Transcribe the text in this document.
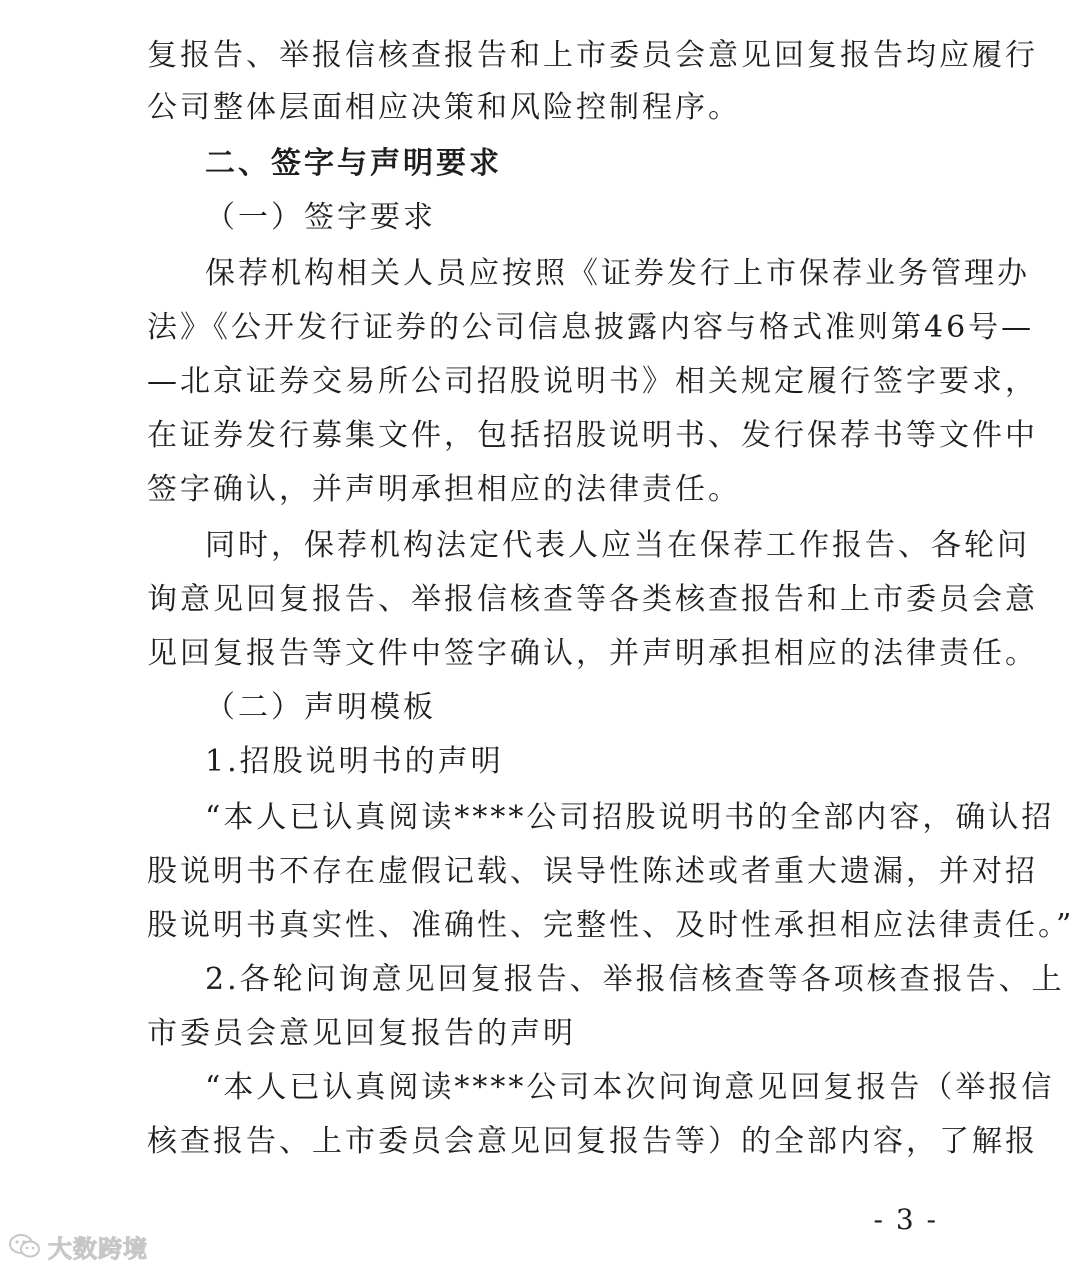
复报告、举报信核查报告和上市委员会意见回复报告均应履行
公司整体层面相应决策和风险控制程序。
二、签字与声明要求
（一）签字要求
保荐机构相关人员应按照《证券发行上市保荐业务管理办
法》《公开发行证券的公司信息披露内容与格式准则第46号—
—北京证券交易所公司招股说明书》相关规定履行签字要求，
在证券发行募集文件，包括招股说明书、发行保荐书等文件中
签字确认，并声明承担相应的法律责任。
同时，保荐机构法定代表人应当在保荐工作报告、各轮问
询意见回复报告、举报信核查等各类核查报告和上市委员会意
见回复报告等文件中签字确认，并声明承担相应的法律责任。
（二）声明模板
1.招股说明书的声明
“本人已认真阅读****公司招股说明书的全部内容，确认招
股说明书不存在虚假记载、误导性陈述或者重大遗漏，并对招
股说明书真实性、准确性、完整性、及时性承担相应法律责任。”
2.各轮问询意见回复报告、举报信核查等各项核查报告、上
市委员会意见回复报告的声明
“本人已认真阅读****公司本次问询意见回复报告（举报信
核查报告、上市委员会意见回复报告等）的全部内容，了解报
- 3 -
大数跨境
